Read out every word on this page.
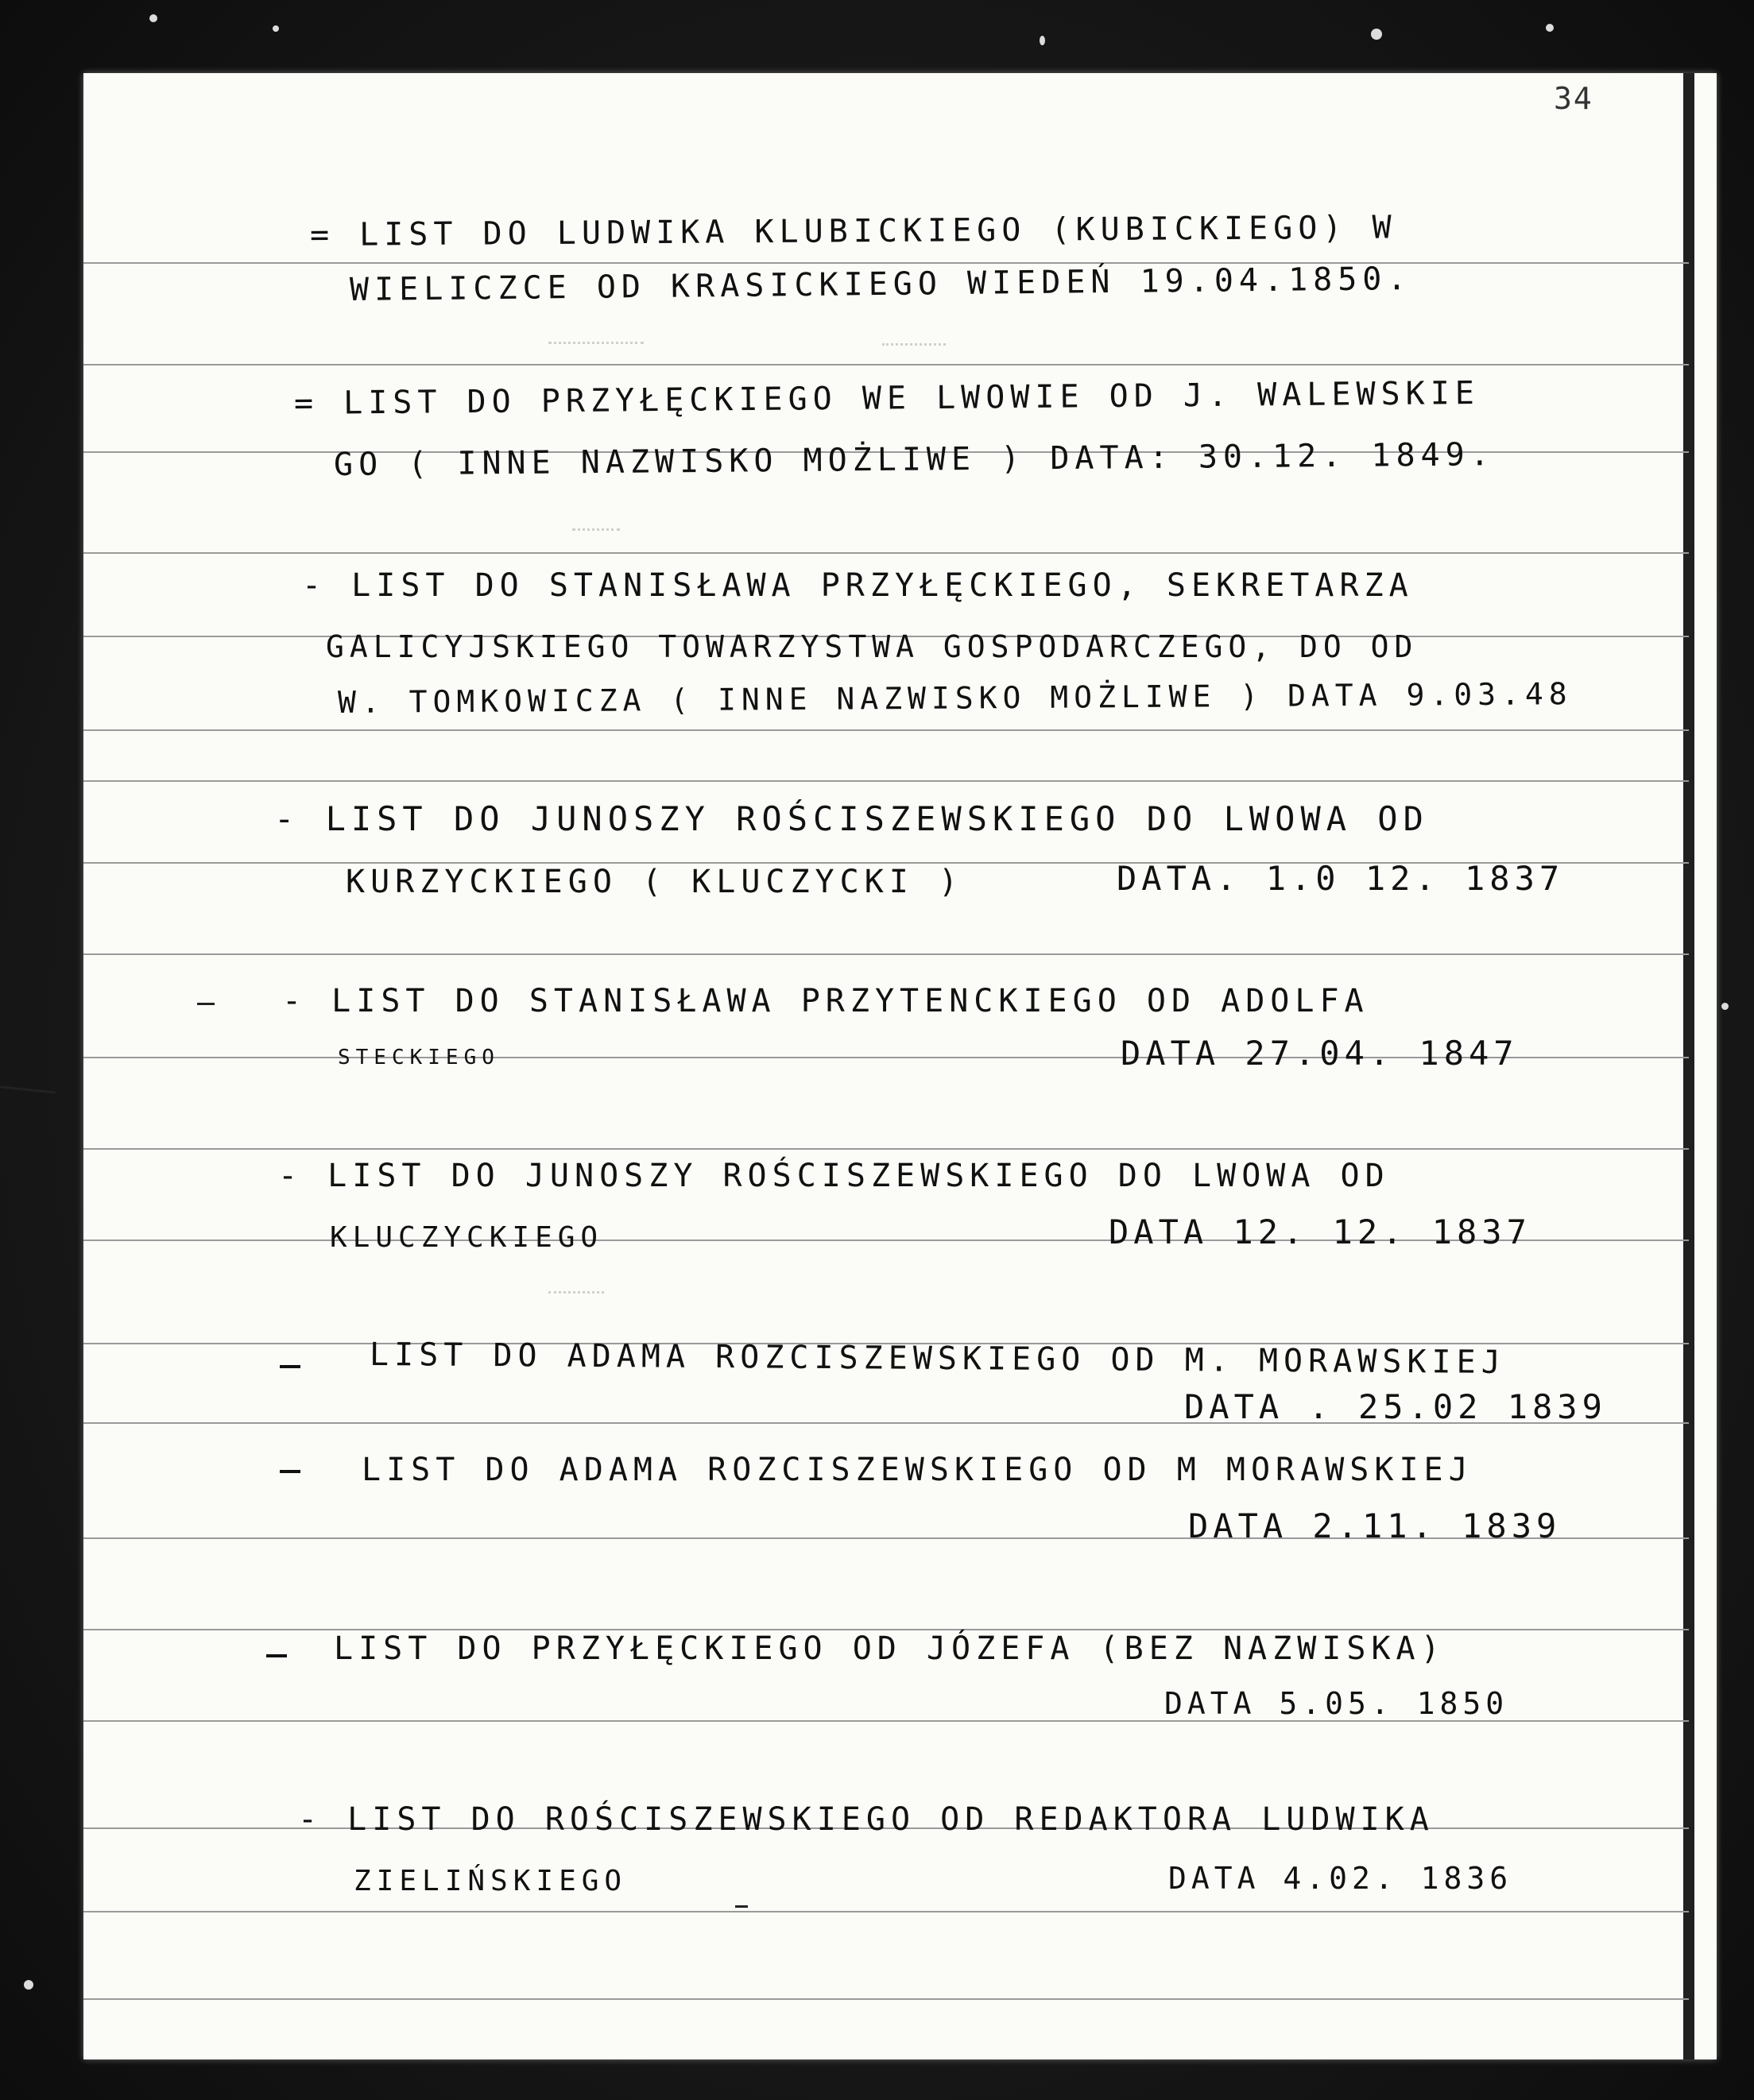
34
= LIST DO LUDWIKA KLUBICKIEGO (KUBICKIEGO) W
WIELICZCE OD KRASICKIEGO WIEDEŃ 19.04.1850.
= LIST DO PRZYŁĘCKIEGO WE LWOWIE OD J. WALEWSKIE
GO ( INNE NAZWISKO MOŻLIWE ) DATA: 30.12. 1849.
- LIST DO STANISŁAWA PRZYŁĘCKIEGO, SEKRETARZA
GALICYJSKIEGO TOWARZYSTWA GOSPODARCZEGO, DO OD
W. TOMKOWICZA ( INNE NAZWISKO MOŻLIWE ) DATA 9.03.48
- LIST DO JUNOSZY ROŚCISZEWSKIEGO DO LWOWA OD
KURZYCKIEGO ( KLUCZYCKI )	DATA. 1.0 12. 1837
- LIST DO STANISŁAWA PRZYTENCKIEGO OD ADOLFA
STECKIEGO	DATA 27.04. 1847
- LIST DO JUNOSZY ROŚCISZEWSKIEGO DO LWOWA OD
KLUCZYCKIEGO	DATA 12. 12. 1837
LIST DO ADAMA ROZCISZEWSKIEGO OD M. MORAWSKIEJ
DATA . 25.02 1839
LIST DO ADAMA ROZCISZEWSKIEGO OD M MORAWSKIEJ
DATA 2.11. 1839
LIST DO PRZYŁĘCKIEGO OD JÓZEFA (BEZ NAZWISKA)
DATA 5.05. 1850
- LIST DO ROŚCISZEWSKIEGO OD REDAKTORA LUDWIKA
ZIELIŃSKIEGO	DATA 4.02. 1836
